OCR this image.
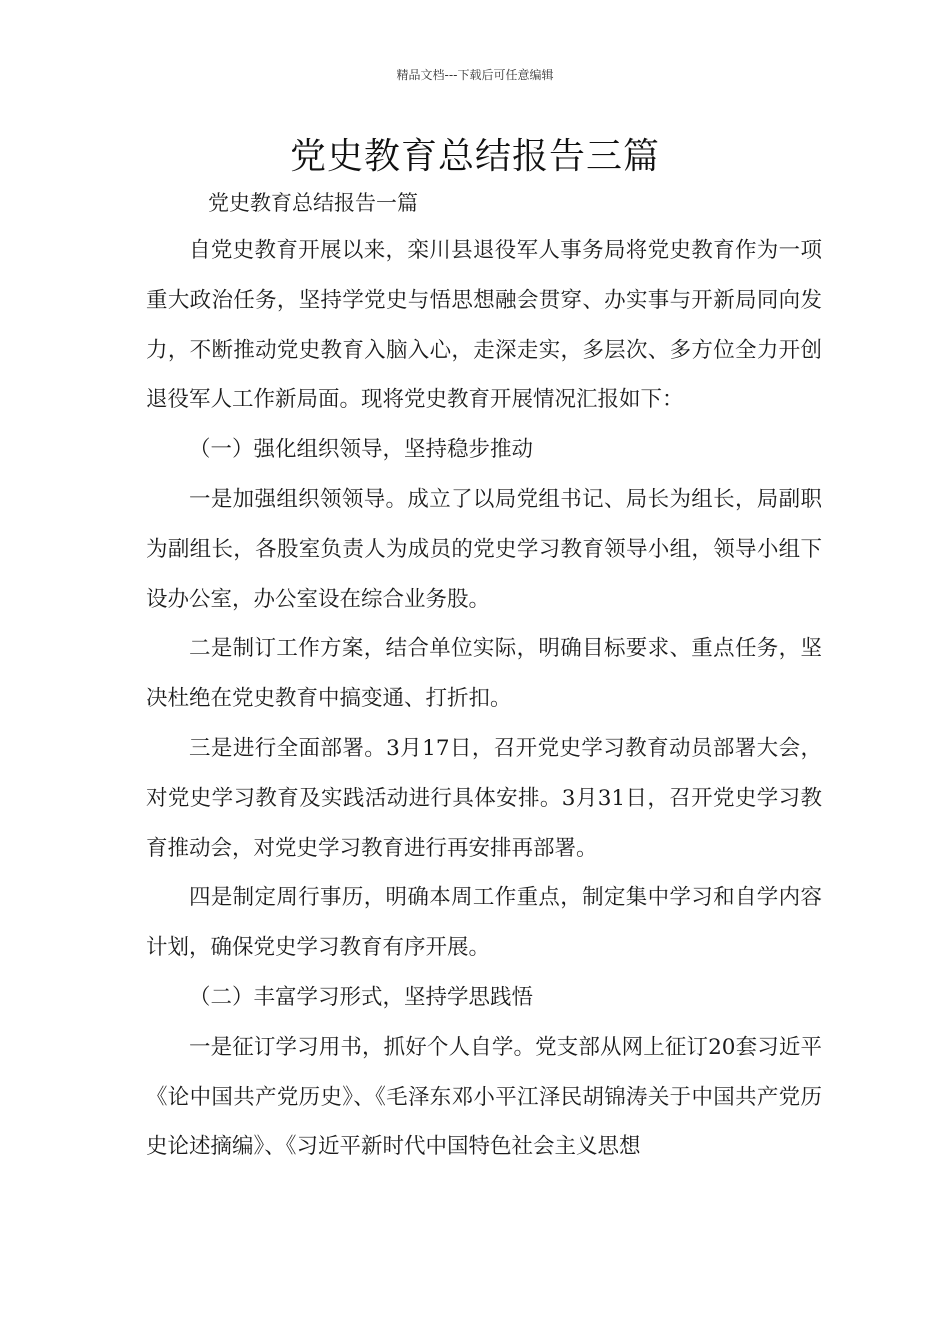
精品文档---下载后可任意编辑
党史教育总结报告三篇
党史教育总结报告一篇

自党史教育开展以来，栾川县退役军人事务局将党史教育作为一项重大政治任务，坚持学党史与悟思想融会贯穿、办实事与开新局同向发力，不断推动党史教育入脑入心，走深走实，多层次、多方位全力开创退役军人工作新局面。现将党史教育开展情况汇报如下：

（一）强化组织领导，坚持稳步推动

一是加强组织领领导。成立了以局党组书记、局长为组长，局副职为副组长，各股室负责人为成员的党史学习教育领导小组，领导小组下设办公室，办公室设在综合业务股。

二是制订工作方案，结合单位实际，明确目标要求、重点任务，坚决杜绝在党史教育中搞变通、打折扣。

三是进行全面部署。3月17日，召开党史学习教育动员部署大会，对党史学习教育及实践活动进行具体安排。3月31日，召开党史学习教育推动会，对党史学习教育进行再安排再部署。

四是制定周行事历，明确本周工作重点，制定集中学习和自学内容计划，确保党史学习教育有序开展。

（二）丰富学习形式，坚持学思践悟

一是征订学习用书，抓好个人自学。党支部从网上征订20套习近平《论中国共产党历史》、《毛泽东邓小平江泽民胡锦涛关于中国共产党历史论述摘编》、《习近平新时代中国特色社会主义思想
